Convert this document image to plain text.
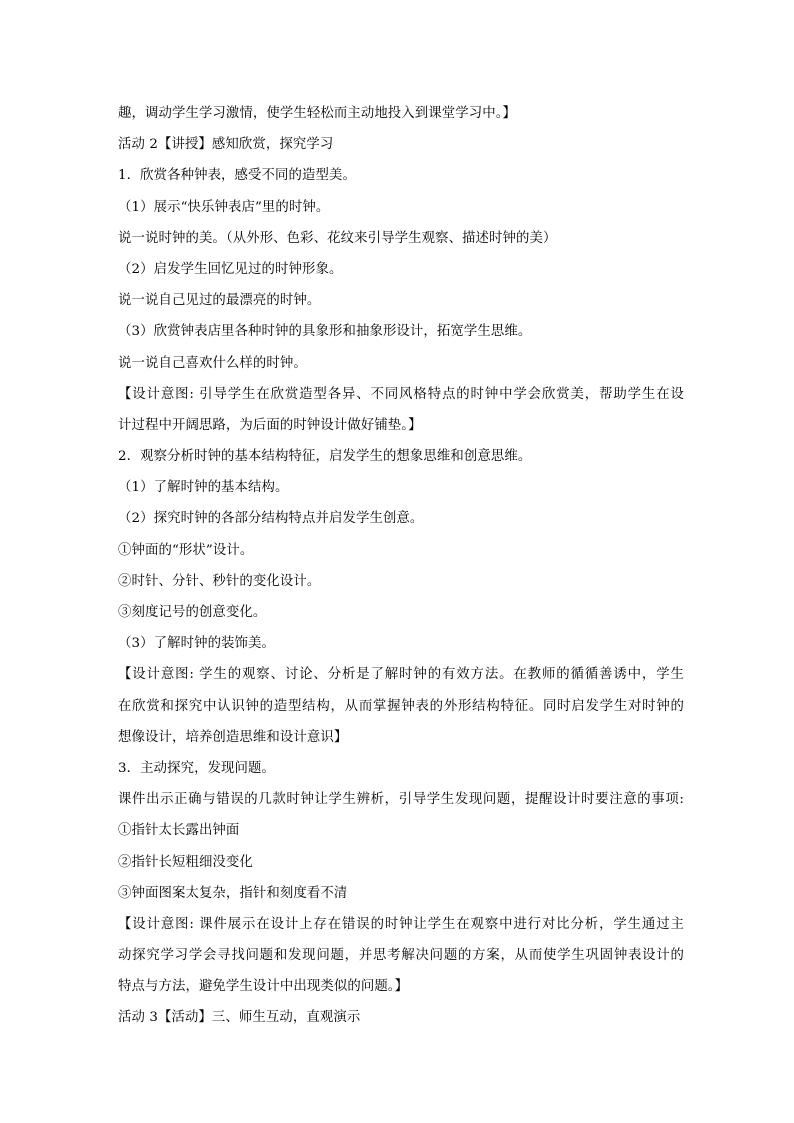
趣，调动学生学习激情，使学生轻松而主动地投入到课堂学习中。】
活动 2【讲授】感知欣赏，探究学习
1．欣赏各种钟表，感受不同的造型美。
（1）展示“快乐钟表店”里的时钟。
说一说时钟的美。（从外形、色彩、花纹来引导学生观察、描述时钟的美）
（2）启发学生回忆见过的时钟形象。
说一说自己见过的最漂亮的时钟。
（3）欣赏钟表店里各种时钟的具象形和抽象形设计，拓宽学生思维。
说一说自己喜欢什么样的时钟。
【设计意图: 引导学生在欣赏造型各异、不同风格特点的时钟中学会欣赏美，帮助学生在设
计过程中开阔思路，为后面的时钟设计做好铺垫。】
2．观察分析时钟的基本结构特征，启发学生的想象思维和创意思维。
（1）了解时钟的基本结构。
（2）探究时钟的各部分结构特点并启发学生创意。
①钟面的“形状”设计。
②时针、分针、秒针的变化设计。
③刻度记号的创意变化。
（3）了解时钟的装饰美。
【设计意图: 学生的观察、讨论、分析是了解时钟的有效方法。在教师的循循善诱中，学生
在欣赏和探究中认识钟的造型结构，从而掌握钟表的外形结构特征。同时启发学生对时钟的
想像设计，培养创造思维和设计意识】
3．主动探究，发现问题。
课件出示正确与错误的几款时钟让学生辨析，引导学生发现问题，提醒设计时要注意的事项:
①指针太长露出钟面
②指针长短粗细没变化
③钟面图案太复杂，指针和刻度看不清
【设计意图: 课件展示在设计上存在错误的时钟让学生在观察中进行对比分析，学生通过主
动探究学习学会寻找问题和发现问题，并思考解决问题的方案，从而使学生巩固钟表设计的
特点与方法，避免学生设计中出现类似的问题。】
活动 3【活动】三、师生互动，直观演示
